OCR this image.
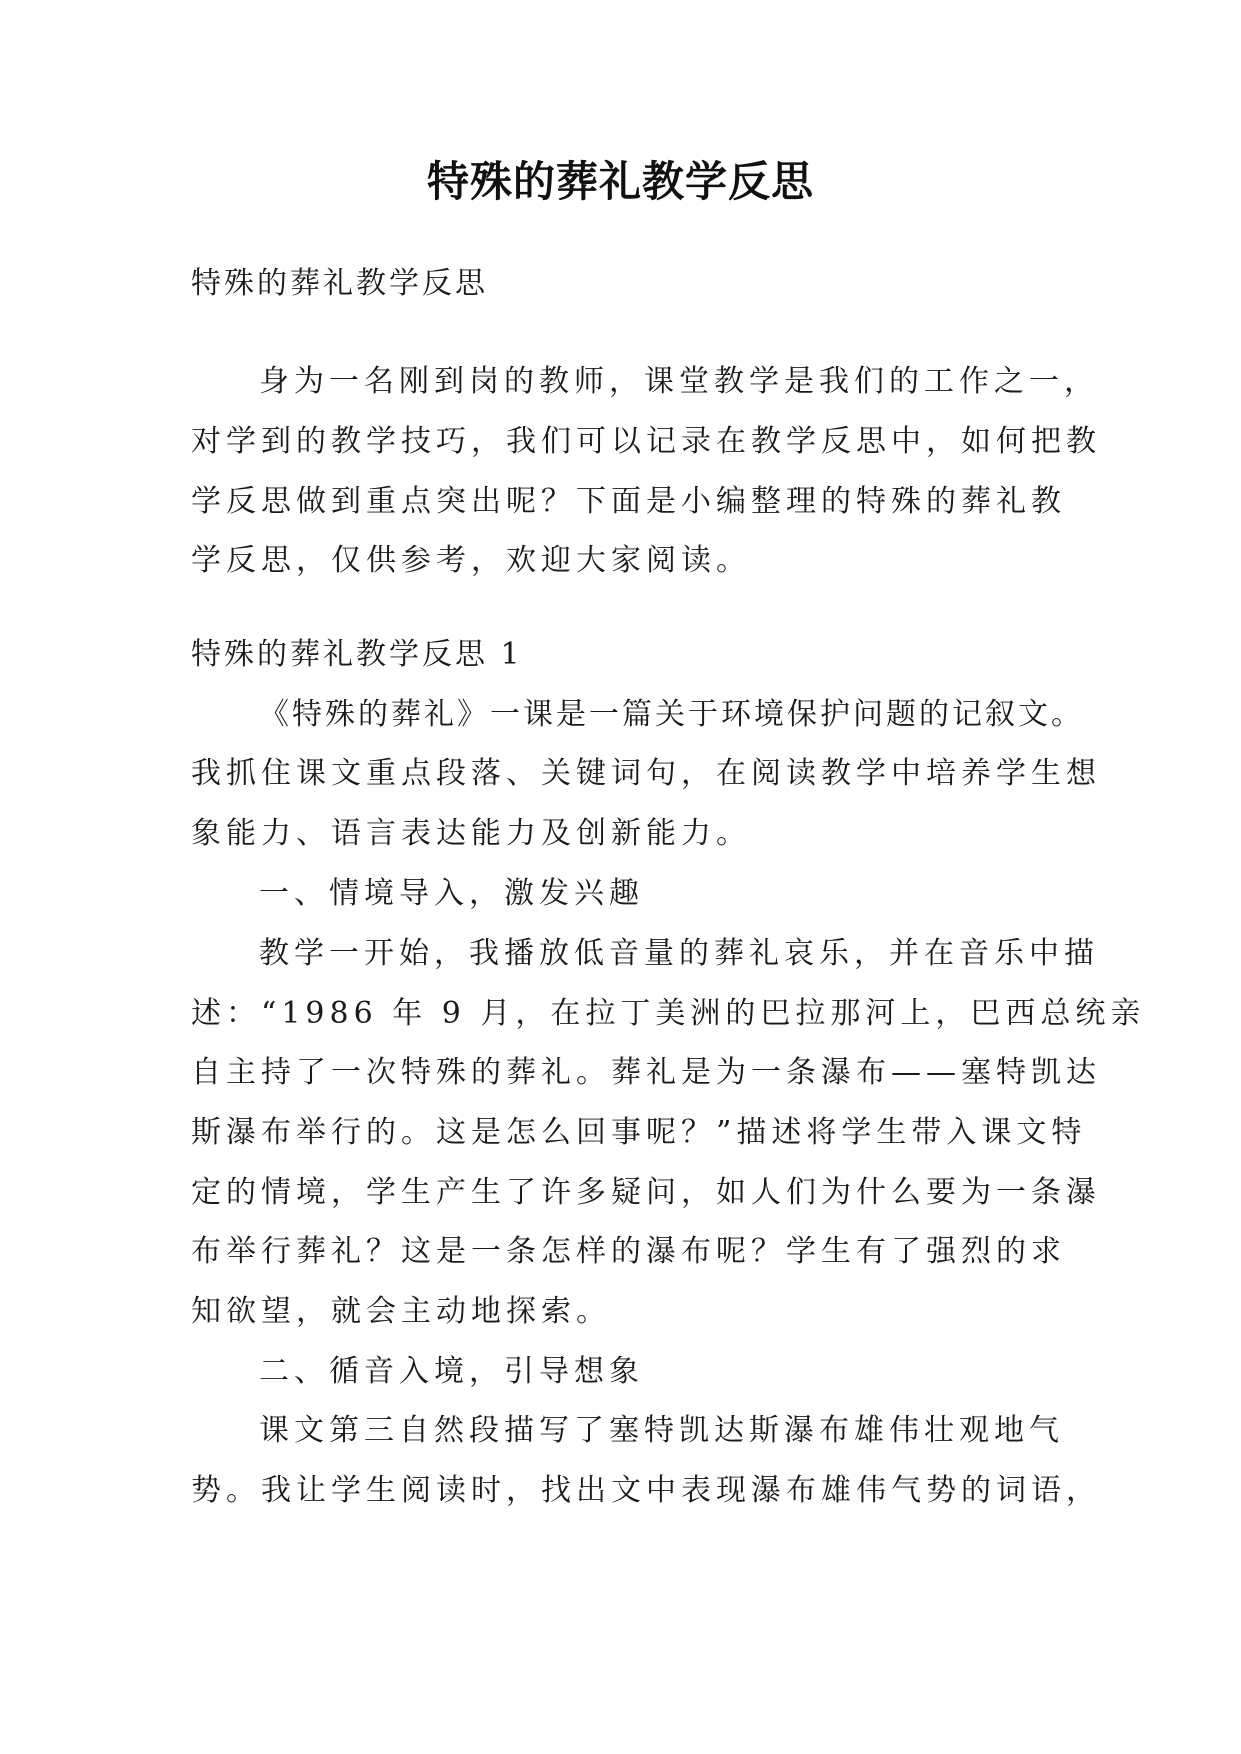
特殊的葬礼教学反思

特殊的葬礼教学反思

身为一名刚到岗的教师，课堂教学是我们的工作之一，

对学到的教学技巧，我们可以记录在教学反思中，如何把教

学反思做到重点突出呢？下面是小编整理的特殊的葬礼教

学反思，仅供参考，欢迎大家阅读。

特殊的葬礼教学反思 1

《特殊的葬礼》一课是一篇关于环境保护问题的记叙文。

我抓住课文重点段落、关键词句，在阅读教学中培养学生想

象能力、语言表达能力及创新能力。

一、情境导入，激发兴趣

教学一开始，我播放低音量的葬礼哀乐，并在音乐中描

述：“1986 年 9 月，在拉丁美洲的巴拉那河上，巴西总统亲

自主持了一次特殊的葬礼。葬礼是为一条瀑布——塞特凯达

斯瀑布举行的。这是怎么回事呢？”描述将学生带入课文特

定的情境，学生产生了许多疑问，如人们为什么要为一条瀑

布举行葬礼？这是一条怎样的瀑布呢？学生有了强烈的求

知欲望，就会主动地探索。

二、循音入境，引导想象

课文第三自然段描写了塞特凯达斯瀑布雄伟壮观地气

势。我让学生阅读时，找出文中表现瀑布雄伟气势的词语，
